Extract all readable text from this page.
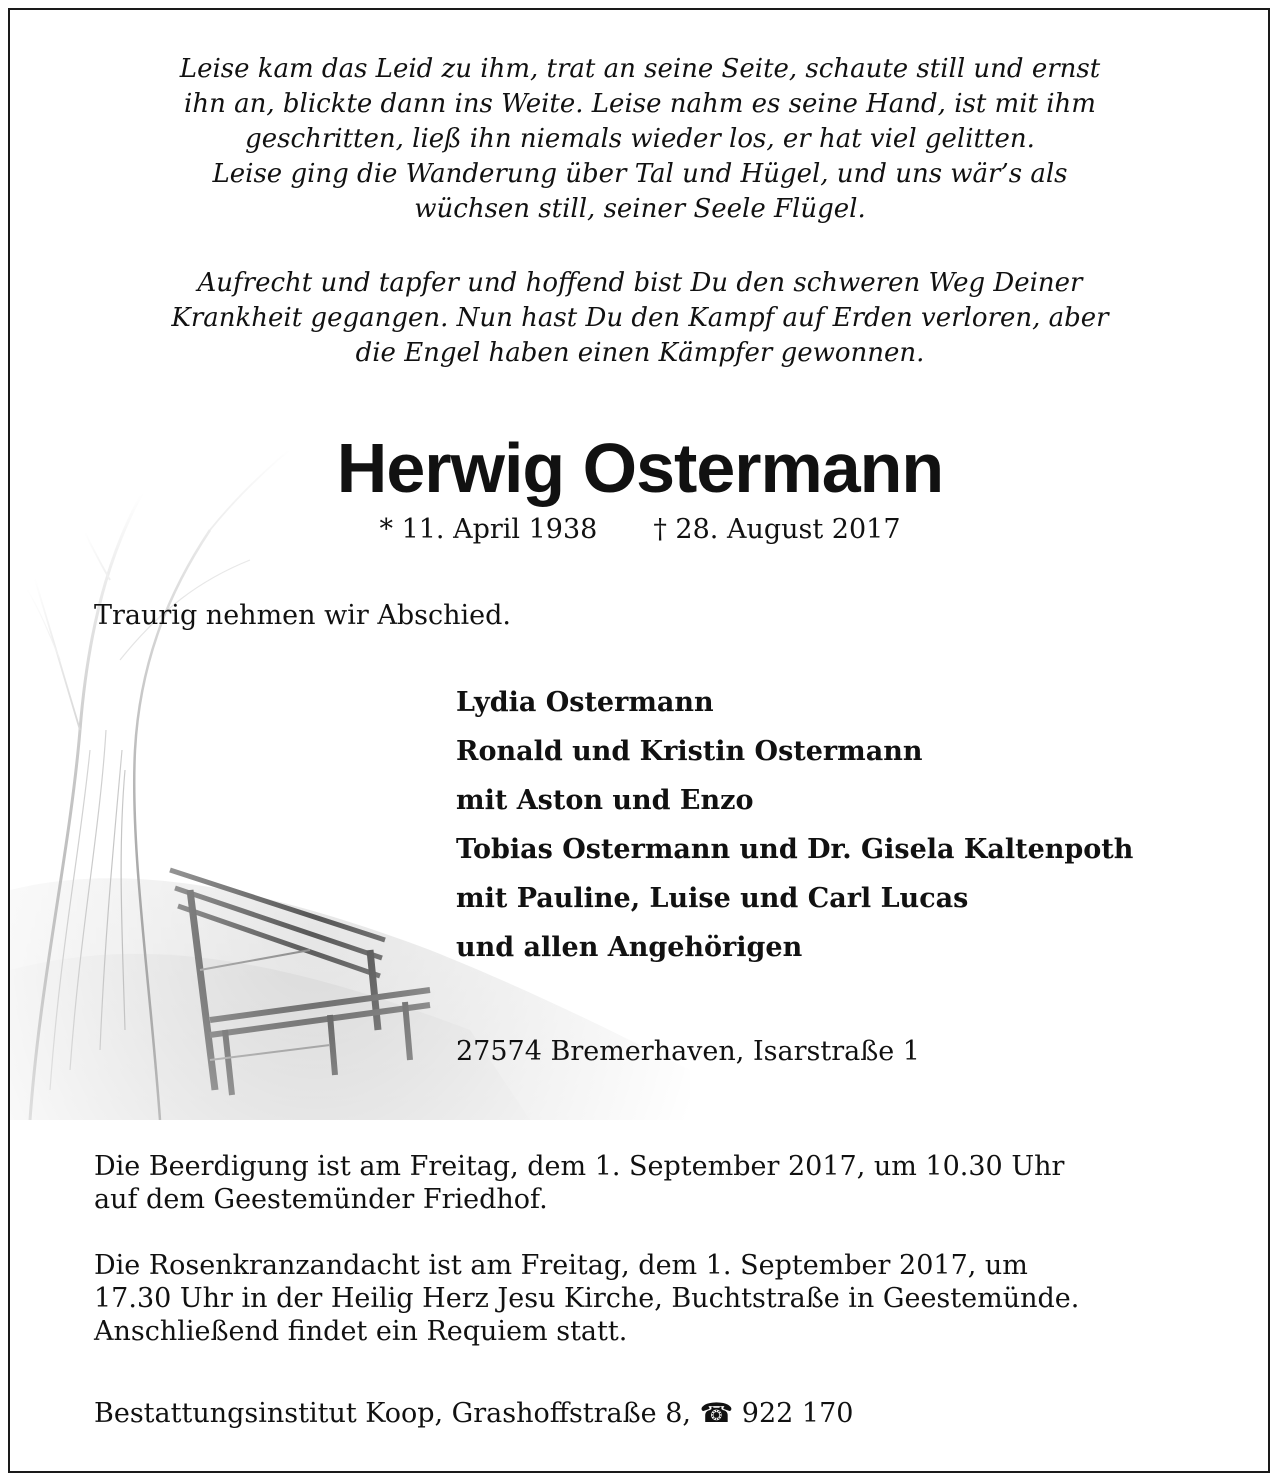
Leise kam das Leid zu ihm, trat an seine Seite, schaute still und ernst
ihn an, blickte dann ins Weite. Leise nahm es seine Hand, ist mit ihm
geschritten, ließ ihn niemals wieder los, er hat viel gelitten.
Leise ging die Wanderung über Tal und Hügel, und uns wär’s als
wüchsen still, seiner Seele Flügel.

Aufrecht und tapfer und hoffend bist Du den schweren Weg Deiner
Krankheit gegangen. Nun hast Du den Kampf auf Erden verloren, aber
die Engel haben einen Kämpfer gewonnen.

Herwig Ostermann
* 11. April 1938 † 28. August 2017
Traurig nehmen wir Abschied.
Lydia Ostermann
Ronald und Kristin Ostermann
mit Aston und Enzo
Tobias Ostermann und Dr. Gisela Kaltenpoth
mit Pauline, Luise und Carl Lucas
und allen Angehörigen
27574 Bremerhaven, Isarstraße 1

Die Beerdigung ist am Freitag, dem 1. September 2017, um 10.30 Uhr
auf dem Geestemünder Friedhof.

Die Rosenkranzandacht ist am Freitag, dem 1. September 2017, um
17.30 Uhr in der Heilig Herz Jesu Kirche, Buchtstraße in Geestemünde.
Anschließend findet ein Requiem statt.

Bestattungsinstitut Koop, Grashoffstraße 8, ☎ 922 170
